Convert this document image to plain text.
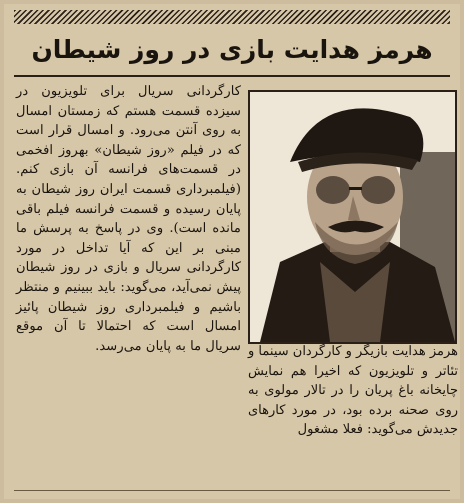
هرمز هدایت بازی در روز شیطان
کارگردانی سریال برای تلویزیون در سیزده قسمت هستم که زمستان امسال به روی آنتن می‌رود. و امسال قرار است که در فیلم «روز شیطان» بهروز افخمی در قسمت‌های فرانسه آن بازی کنم. (فیلمبرداری قسمت ایران روز شیطان به پایان رسیده و قسمت فرانسه فیلم باقی مانده است). وی در پاسخ به پرسش ما مبنی بر این که آیا تداخل در مورد کارگردانی سریال و بازی در روز شیطان پیش نمی‌آید، می‌گوید: باید ببینیم و منتظر باشیم و فیلمبرداری روز شیطان پائیز امسال است که احتمالا تا آن موقع سریال ما به پایان می‌رسد. هرمز هدایت بازیگر و کارگردان سینما و تئاتر و تلویزیون که اخیرا هم نمایش چایخانه باغ پریان را در تالار مولوی به روی صحنه برده بود، در مورد کارهای جدیدش می‌گوید: فعلا مشغول
